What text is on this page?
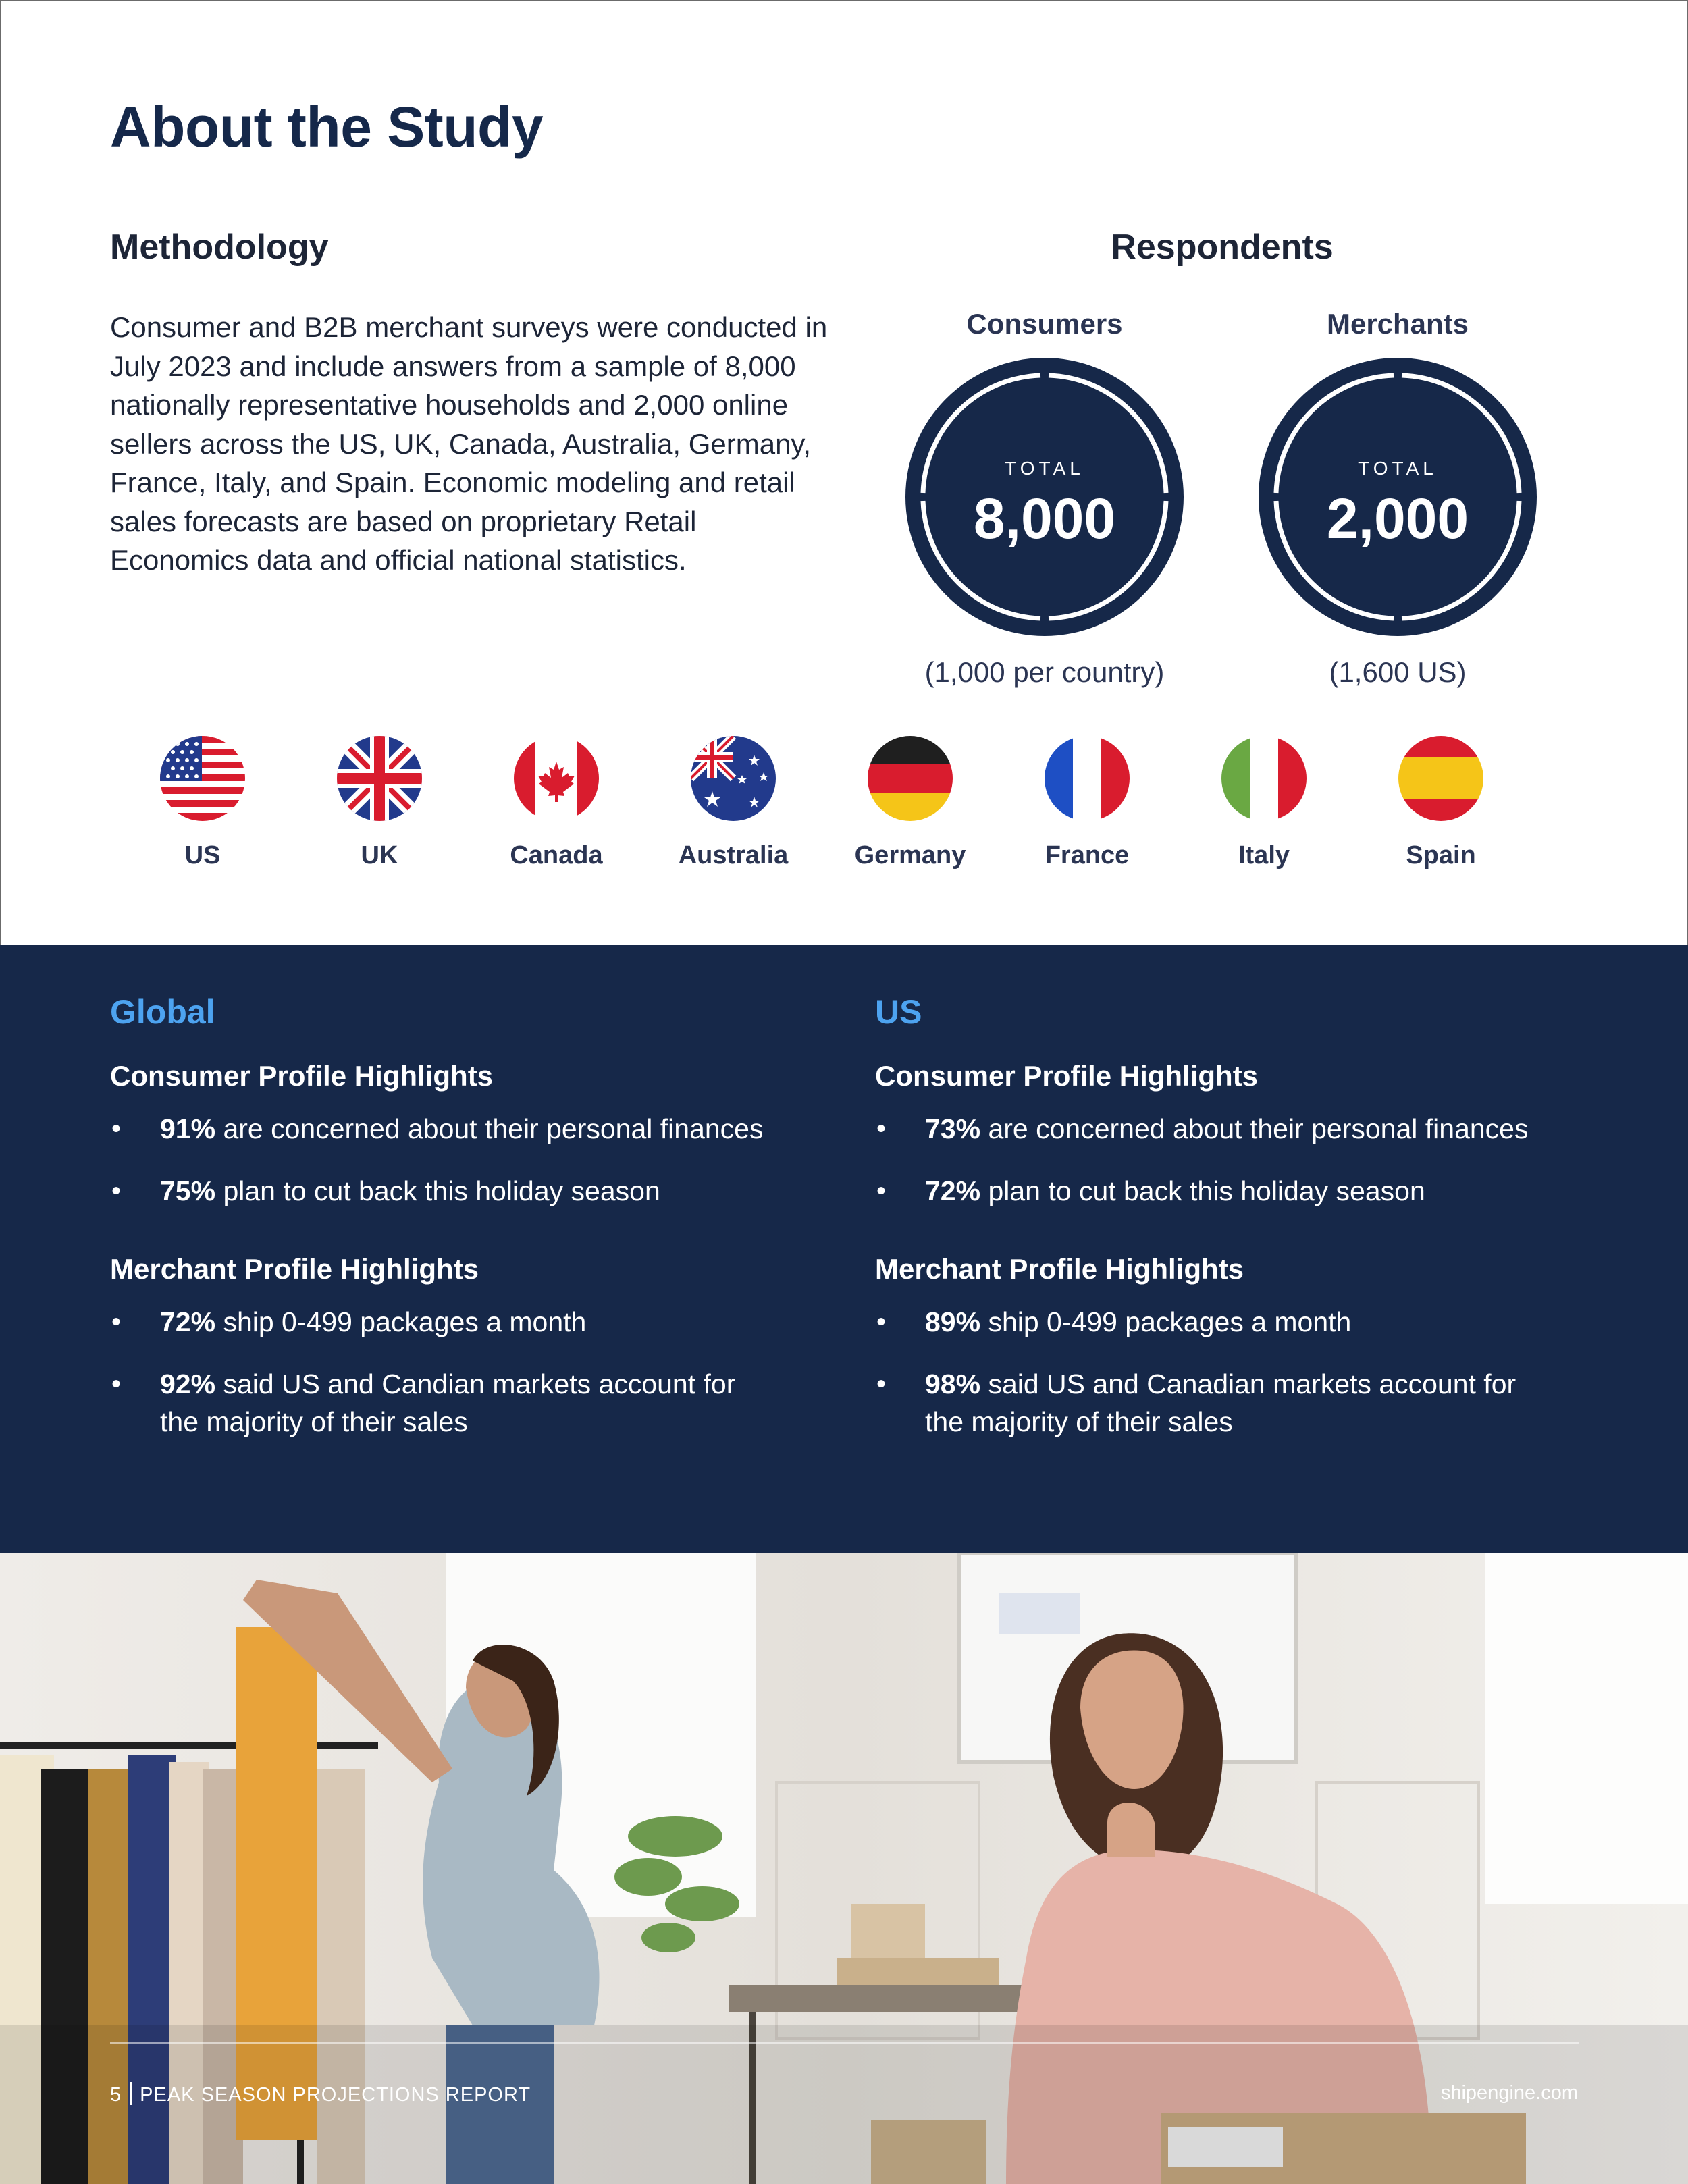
About the Study
Methodology

Consumer and B2B merchant surveys were conducted in July 2023 and include answers from a sample of 8,000 nationally representative households and 2,000 online sellers across the US, UK, Canada, Australia, Germany, France, Italy, and Spain. Economic modeling and retail sales forecasts are based on proprietary Retail Economics data and official national statistics.

Respondents
Consumers
TOTAL
8,000
(1,000 per country)
Merchants
TOTAL
2,000
(1,600 US)
US	UK	Canada	Australia	Germany	France	Italy	Spain
Global
Consumer Profile Highlights
• 91% are concerned about their personal finances
• 75% plan to cut back this holiday season
Merchant Profile Highlights
• 72% ship 0-499 packages a month
• 92% said US and Candian markets account for the majority of their sales
US
Consumer Profile Highlights
• 73% are concerned about their personal finances
• 72% plan to cut back this holiday season
Merchant Profile Highlights
• 89% ship 0-499 packages a month
• 98% said US and Canadian markets account for the majority of their sales
5 PEAK SEASON PROJECTIONS REPORT	shipengine.com
